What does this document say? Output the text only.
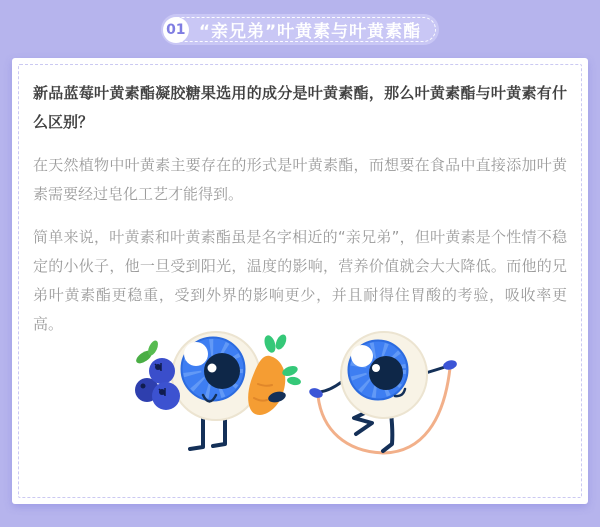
01 “亲兄弟”叶黄素与叶黄素酯

新品蓝莓叶黄素酯凝胶糖果选用的成分是叶黄素酯，那么叶黄素酯与叶黄素有什么区别？

在天然植物中叶黄素主要存在的形式是叶黄素酯，而想要在食品中直接添加叶黄素需要经过皂化工艺才能得到。

简单来说，叶黄素和叶黄素酯虽是名字相近的“亲兄弟”，但叶黄素是个性情不稳定的小伙子，他一旦受到阳光，温度的影响，营养价值就会大大降低。而他的兄弟叶黄素酯更稳重，受到外界的影响更少，并且耐得住胃酸的考验，吸收率更高。
